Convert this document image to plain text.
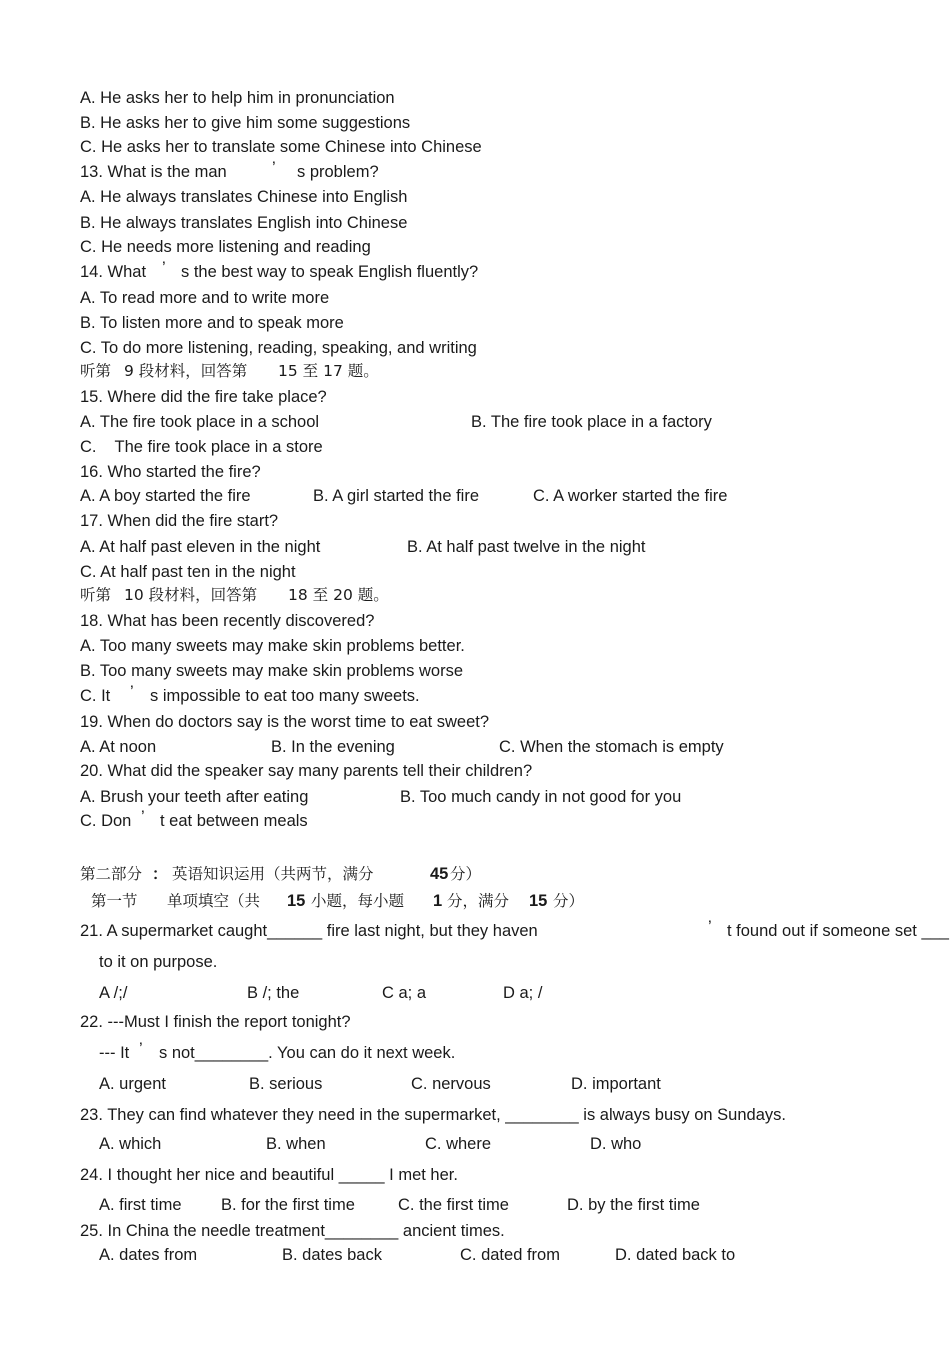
A. He asks her to help him in pronunciation
B. He asks her to give him some suggestions
C. He asks her to translate some Chinese into Chinese
13. What is the man	’ s problem?
A. He always translates Chinese into English
B. He always translates English into Chinese
C. He needs more listening and reading
14. What ’ s the best way to speak English fluently?
A. To read more and to write more
B. To listen more and to speak more
C. To do more listening, reading, speaking, and writing
听第 9 段材料，回答第 15 至 17 题。
15. Where did the fire take place?
A. The fire took place in a school	B. The fire took place in a factory
C.    The fire took place in a store
16. Who started the fire?
A. A boy started the fire	B. A girl started the fire	C. A worker started the fire
17. When did the fire start?
A. At half past eleven in the night	B. At half past twelve in the night
C. At half past ten in the night
听第 10 段材料，回答第 18 至 20 题。
18. What has been recently discovered?
A. Too many sweets may make skin problems better.
B. Too many sweets may make skin problems worse
C. It ’ s impossible to eat too many sweets.
19. When do doctors say is the worst time to eat sweet?
A. At noon	B. In the evening	C. When the stomach is empty
20. What did the speaker say many parents tell their children?
A. Brush your teeth after eating	B. Too much candy in not good for you
C. Don ’ t eat between meals
第二部分 ： 英语知识运用（共两节，满分	45 分）
第一节 单项填空（共 15 小题，每小题 1 分，满分 15 分）
21. A supermarket caught______ fire last night, but they haven	’ t found out if someone set ___
to it on purpose.
A /;/	B /; the	C a; a	D a; /
22. ---Must I finish the report tonight?
--- It ’ s not________. You can do it next week.
A. urgent	B. serious	C. nervous	D. important
23. They can find whatever they need in the supermarket, ________ is always busy on Sundays.
A. which	B. when	C. where	D. who
24. I thought her nice and beautiful _____ I met her.
A. first time B. for the first time	C. the first time	D. by the first time
25. In China the needle treatment________ ancient times.
A. dates from	B. dates back	C. dated from	D. dated back to
